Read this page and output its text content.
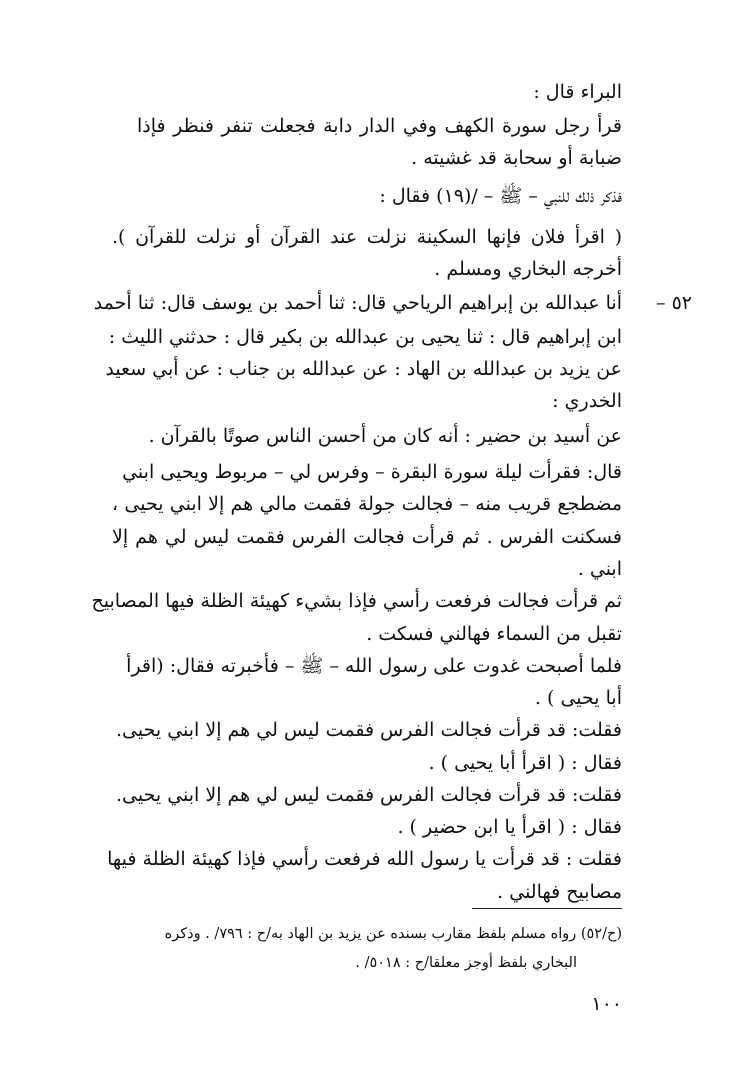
البراء قال :
قرأ رجل سورة الكهف وفي الدار دابة فجعلت تنفر فنظر فإذا
ضبابة أو سحابة قد غشيته .
فذكر ذلك للنبي – ﷺ – /(١٩) فقال :
( اقرأ فلان فإنها السكينة نزلت عند القرآن أو نزلت للقرآن ).
أخرجه البخاري ومسلم .
٥٢ –
أنا عبدالله بن إبراهيم الرياحي قال: ثنا أحمد بن يوسف قال: ثنا أحمد
ابن إبراهيم قال : ثنا يحيى بن عبدالله بن بكير قال : حدثني الليث :
عن يزيد بن عبدالله بن الهاد : عن عبدالله بن جناب : عن أبي سعيد
الخدري :
عن أسيد بن حضير : أنه كان من أحسن الناس صوتًا بالقرآن .
قال: فقرأت ليلة سورة البقرة – وفرس لي – مربوط ويحيى ابني
مضطجع قريب منه – فجالت جولة فقمت مالي هم إلا ابني يحيى ،
فسكنت الفرس . ثم قرأت فجالت الفرس فقمت ليس لي هم إلا
ابني .
ثم قرأت فجالت فرفعت رأسي فإذا بشيء كهيئة الظلة فيها المصابيح
تقبل من السماء فهالني فسكت .
فلما أصبحت غدوت على رسول الله – ﷺ – فأخبرته فقال: (اقرأ
أبا يحيى ) .
فقلت: قد قرأت فجالت الفرس فقمت ليس لي هم إلا ابني يحيى.
فقال : ( اقرأ أبا يحيى ) .
فقلت: قد قرأت فجالت الفرس فقمت ليس لي هم إلا ابني يحيى.
فقال : ( اقرأ يا ابن حضير ) .
فقلت : قد قرأت يا رسول الله فرفعت رأسي فإذا كهيئة الظلة فيها
مصابيح فهالني .
(ح/٥٢) رواه مسلم بلفظ مقارب بسنده عن يزيد بن الهاد به/ح : ٧٩٦/ . وذكره
البخاري بلفظ أوجز معلقا/ح : ٥٠١٨/ .
١٠٠
